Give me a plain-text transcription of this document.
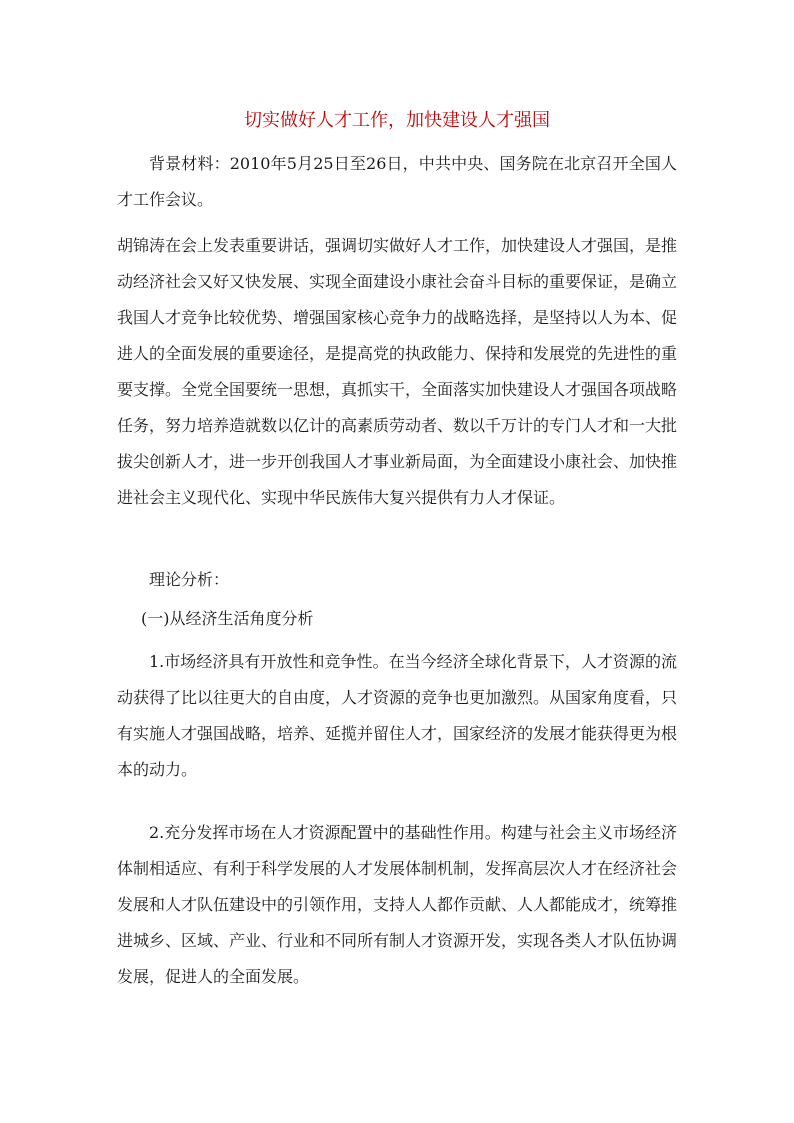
切实做好人才工作，加快建设人才强国

背景材料：2010年5月25日至26日，中共中央、国务院在北京召开全国人才工作会议。

胡锦涛在会上发表重要讲话，强调切实做好人才工作，加快建设人才强国，是推动经济社会又好又快发展、实现全面建设小康社会奋斗目标的重要保证，是确立我国人才竞争比较优势、增强国家核心竞争力的战略选择，是坚持以人为本、促进人的全面发展的重要途径，是提高党的执政能力、保持和发展党的先进性的重要支撑。全党全国要统一思想，真抓实干，全面落实加快建设人才强国各项战略任务，努力培养造就数以亿计的高素质劳动者、数以千万计的专门人才和一大批拔尖创新人才，进一步开创我国人才事业新局面，为全面建设小康社会、加快推进社会主义现代化、实现中华民族伟大复兴提供有力人才保证。

理论分析：

(一)从经济生活角度分析

1.市场经济具有开放性和竞争性。在当今经济全球化背景下，人才资源的流动获得了比以往更大的自由度，人才资源的竞争也更加激烈。从国家角度看，只有实施人才强国战略，培养、延揽并留住人才，国家经济的发展才能获得更为根本的动力。

2.充分发挥市场在人才资源配置中的基础性作用。构建与社会主义市场经济体制相适应、有利于科学发展的人才发展体制机制，发挥高层次人才在经济社会发展和人才队伍建设中的引领作用，支持人人都作贡献、人人都能成才，统筹推进城乡、区域、产业、行业和不同所有制人才资源开发，实现各类人才队伍协调发展，促进人的全面发展。
